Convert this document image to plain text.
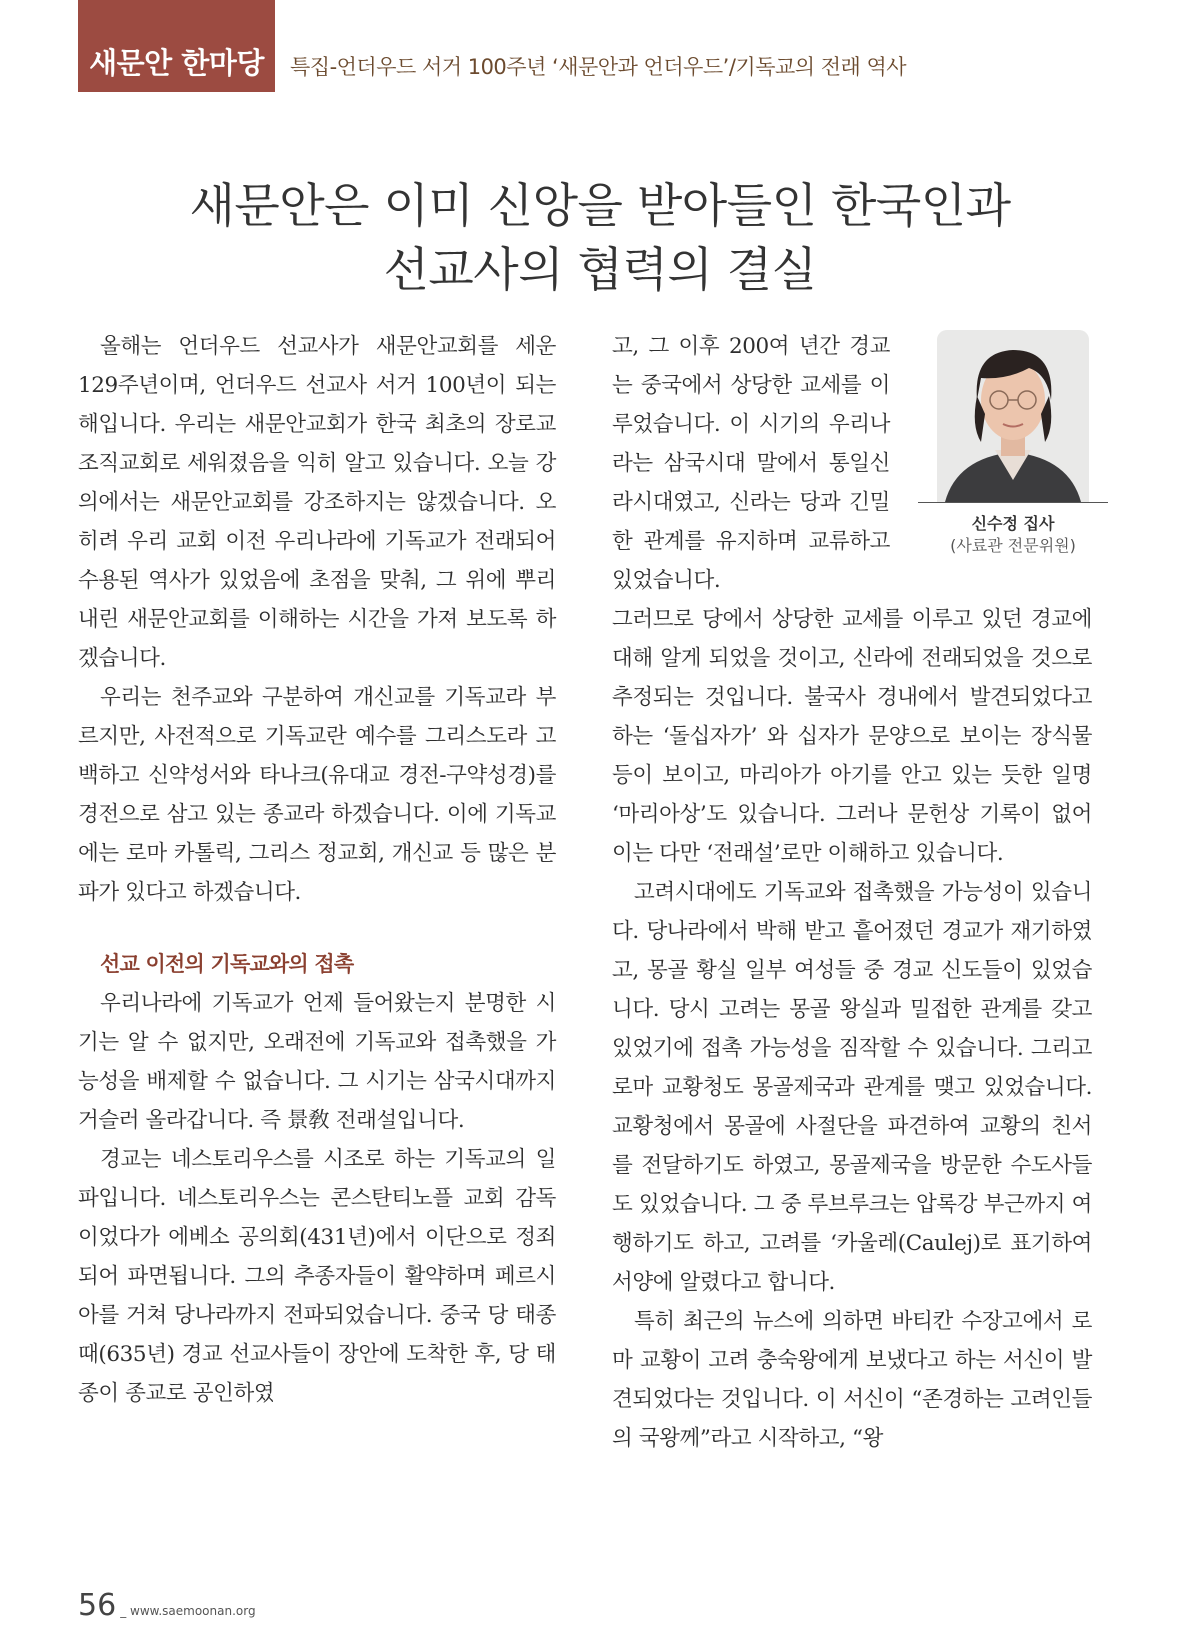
새문안 한마당 특집-언더우드 서거 100주년 ‘새문안과 언더우드’/기독교의 전래 역사
새문안은 이미 신앙을 받아들인 한국인과
선교사의 협력의 결실

올해는 언더우드 선교사가 새문안교회를 세운 129주년이며, 언더우드 선교사 서거 100년이 되는 해입니다. 우리는 새문안교회가 한국 최초의 장로교 조직교회로 세워졌음을 익히 알고 있습니다. 오늘 강의에서는 새문안교회를 강조하지는 않겠습니다. 오히려 우리 교회 이전 우리나라에 기독교가 전래되어 수용된 역사가 있었음에 초점을 맞춰, 그 위에 뿌리 내린 새문안교회를 이해하는 시간을 가져 보도록 하겠습니다.

우리는 천주교와 구분하여 개신교를 기독교라 부르지만, 사전적으로 기독교란 예수를 그리스도라 고백하고 신약성서와 타나크(유대교 경전-구약성경)를 경전으로 삼고 있는 종교라 하겠습니다. 이에 기독교에는 로마 카톨릭, 그리스 정교회, 개신교 등 많은 분파가 있다고 하겠습니다.

선교 이전의 기독교와의 접촉

우리나라에 기독교가 언제 들어왔는지 분명한 시기는 알 수 없지만, 오래전에 기독교와 접촉했을 가능성을 배제할 수 없습니다. 그 시기는 삼국시대까지 거슬러 올라갑니다. 즉 景敎 전래설입니다.

경교는 네스토리우스를 시조로 하는 기독교의 일파입니다. 네스토리우스는 콘스탄티노플 교회 감독이었다가 에베소 공의회(431년)에서 이단으로 정죄되어 파면됩니다. 그의 추종자들이 활약하며 페르시아를 거쳐 당나라까지 전파되었습니다. 중국 당 태종 때(635년) 경교 선교사들이 장안에 도착한 후, 당 태종이 종교로 공인하였

고, 그 이후 200여 년간 경교는 중국에서 상당한 교세를 이루었습니다. 이 시기의 우리나라는 삼국시대 말에서 통일신라시대였고, 신라는 당과 긴밀한 관계를 유지하며 교류하고 있었습니다.

신수정 집사
(사료관 전문위원)

그러므로 당에서 상당한 교세를 이루고 있던 경교에 대해 알게 되었을 것이고, 신라에 전래되었을 것으로 추정되는 것입니다. 불국사 경내에서 발견되었다고 하는 ‘돌십자가’ 와 십자가 문양으로 보이는 장식물 등이 보이고, 마리아가 아기를 안고 있는 듯한 일명 ‘마리아상’도 있습니다. 그러나 문헌상 기록이 없어 이는 다만 ‘전래설’로만 이해하고 있습니다.

고려시대에도 기독교와 접촉했을 가능성이 있습니다. 당나라에서 박해 받고 흩어졌던 경교가 재기하였고, 몽골 황실 일부 여성들 중 경교 신도들이 있었습니다. 당시 고려는 몽골 왕실과 밀접한 관계를 갖고 있었기에 접촉 가능성을 짐작할 수 있습니다. 그리고 로마 교황청도 몽골제국과 관계를 맺고 있었습니다. 교황청에서 몽골에 사절단을 파견하여 교황의 친서를 전달하기도 하였고, 몽골제국을 방문한 수도사들도 있었습니다. 그 중 루브루크는 압록강 부근까지 여행하기도 하고, 고려를 ‘카울레(Caulej)로 표기하여 서양에 알렸다고 합니다.

특히 최근의 뉴스에 의하면 바티칸 수장고에서 로마 교황이 고려 충숙왕에게 보냈다고 하는 서신이 발견되었다는 것입니다. 이 서신이 “존경하는 고려인들의 국왕께”라고 시작하고, “왕

56 _ www.saemoonan.org
